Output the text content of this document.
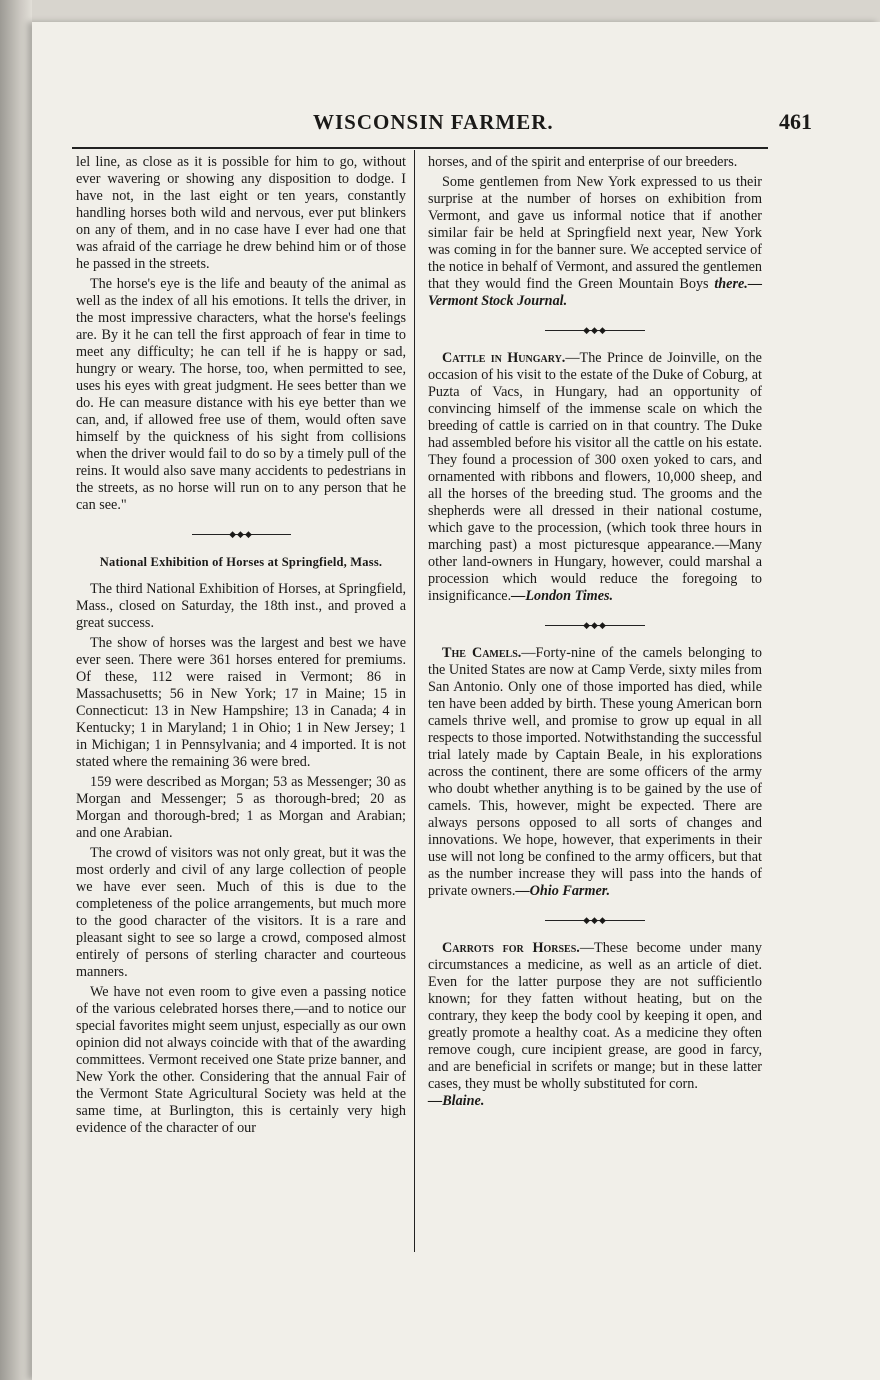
WISCONSIN FARMER.	461

lel line, as close as it is possible for him to go, without ever wavering or showing any disposition to dodge. I have not, in the last eight or ten years, constantly handling horses both wild and nervous, ever put blinkers on any of them, and in no case have I ever had one that was afraid of the carriage he drew behind him or of those he passed in the streets.

The horse's eye is the life and beauty of the animal as well as the index of all his emotions. It tells the driver, in the most impressive characters, what the horse's feelings are. By it he can tell the first approach of fear in time to meet any difficulty; he can tell if he is happy or sad, hungry or weary. The horse, too, when permitted to see, uses his eyes with great judgment. He sees better than we do. He can measure distance with his eye better than we can, and, if allowed free use of them, would often save himself by the quickness of his sight from collisions when the driver would fail to do so by a timely pull of the reins. It would also save many accidents to pedestrians in the streets, as no horse will run on to any person that he can see."

◆◆◆
National Exhibition of Horses at Springfield, Mass.

The third National Exhibition of Horses, at Springfield, Mass., closed on Saturday, the 18th inst., and proved a great success.

The show of horses was the largest and best we have ever seen. There were 361 horses entered for premiums. Of these, 112 were raised in Vermont; 86 in Massachusetts; 56 in New York; 17 in Maine; 15 in Connecticut: 13 in New Hampshire; 13 in Canada; 4 in Kentucky; 1 in Maryland; 1 in Ohio; 1 in New Jersey; 1 in Michigan; 1 in Pennsylvania; and 4 imported. It is not stated where the remaining 36 were bred.

159 were described as Morgan; 53 as Messenger; 30 as Morgan and Messenger; 5 as thorough-bred; 20 as Morgan and thorough-bred; 1 as Morgan and Arabian; and one Arabian.

The crowd of visitors was not only great, but it was the most orderly and civil of any large collection of people we have ever seen. Much of this is due to the completeness of the police arrangements, but much more to the good character of the visitors. It is a rare and pleasant sight to see so large a crowd, composed almost entirely of persons of sterling character and courteous manners.

We have not even room to give even a passing notice of the various celebrated horses there,—and to notice our special favorites might seem unjust, especially as our own opinion did not always coincide with that of the awarding committees. Vermont received one State prize banner, and New York the other. Considering that the annual Fair of the Vermont State Agricultural Society was held at the same time, at Burlington, this is certainly very high evidence of the character of our

horses, and of the spirit and enterprise of our breeders.

Some gentlemen from New York expressed to us their surprise at the number of horses on exhibition from Vermont, and gave us informal notice that if another similar fair be held at Springfield next year, New York was coming in for the banner sure. We accepted service of the notice in behalf of Vermont, and assured the gentlemen that they would find the Green Mountain Boys there.—Vermont Stock Journal.

◆◆◆

Cattle in Hungary.—The Prince de Joinville, on the occasion of his visit to the estate of the Duke of Coburg, at Puzta of Vacs, in Hungary, had an opportunity of convincing himself of the immense scale on which the breeding of cattle is carried on in that country. The Duke had assembled before his visitor all the cattle on his estate. They found a procession of 300 oxen yoked to cars, and ornamented with ribbons and flowers, 10,000 sheep, and all the horses of the breeding stud. The grooms and the shepherds were all dressed in their national costume, which gave to the procession, (which took three hours in marching past) a most picturesque appearance.—Many other land-owners in Hungary, however, could marshal a procession which would reduce the foregoing to insignificance.—London Times.

◆◆◆

The Camels.—Forty-nine of the camels belonging to the United States are now at Camp Verde, sixty miles from San Antonio. Only one of those imported has died, while ten have been added by birth. These young American born camels thrive well, and promise to grow up equal in all respects to those imported. Notwithstanding the successful trial lately made by Captain Beale, in his explorations across the continent, there are some officers of the army who doubt whether anything is to be gained by the use of camels. This, however, might be expected. There are always persons opposed to all sorts of changes and innovations. We hope, however, that experiments in their use will not long be confined to the army officers, but that as the number increase they will pass into the hands of private owners.—Ohio Farmer.

◆◆◆

Carrots for Horses.—These become under many circumstances a medicine, as well as an article of diet. Even for the latter purpose they are not sufficientlo known; for they fatten without heating, but on the contrary, they keep the body cool by keeping it open, and greatly promote a healthy coat. As a medicine they often remove cough, cure incipient grease, are good in farcy, and are beneficial in scrifets or mange; but in these latter cases, they must be wholly substituted for corn.
—Blaine.
